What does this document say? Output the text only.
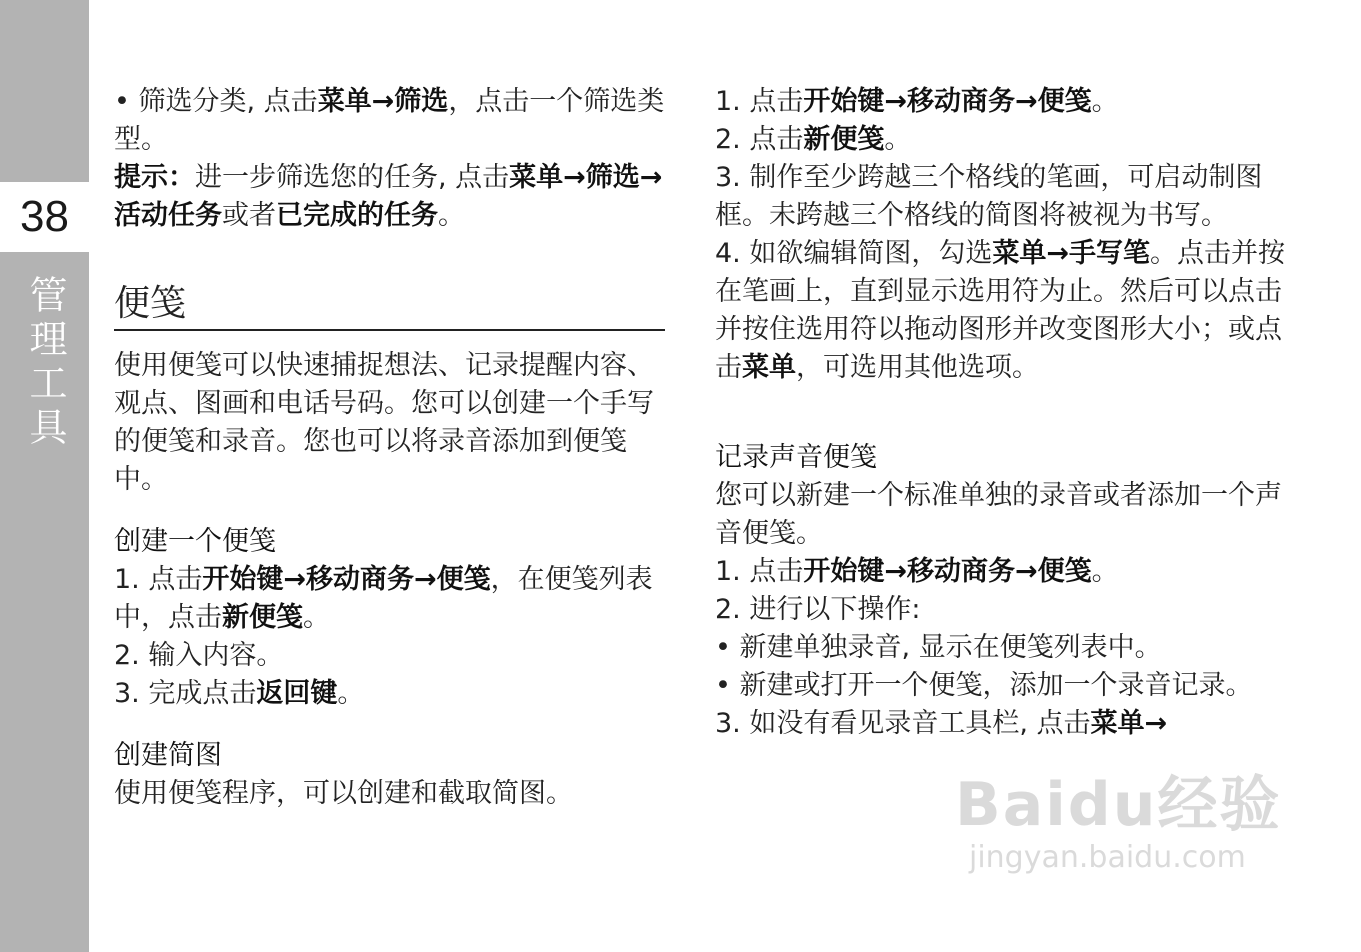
38
管理工具

• 筛选分类, 点击菜单→筛选，点击一个筛选类型。

提示：进一步筛选您的任务, 点击菜单→筛选→活动任务或者已完成的任务。

便笺

使用便笺可以快速捕捉想法、记录提醒内容、观点、图画和电话号码。您可以创建一个手写的便笺和录音。您也可以将录音添加到便笺中。

创建一个便笺

1. 点击开始键→移动商务→便笺，在便笺列表中，点击新便笺。

2. 输入内容。

3. 完成点击返回键。

创建简图

使用便笺程序，可以创建和截取简图。

1. 点击开始键→移动商务→便笺。

2. 点击新便笺。

3. 制作至少跨越三个格线的笔画，可启动制图框。未跨越三个格线的简图将被视为书写。

4. 如欲编辑简图，勾选菜单→手写笔。点击并按在笔画上，直到显示选用符为止。然后可以点击并按住选用符以拖动图形并改变图形大小；或点击菜单，可选用其他选项。

记录声音便笺

您可以新建一个标准单独的录音或者添加一个声音便笺。

1. 点击开始键→移动商务→便笺。

2. 进行以下操作:

• 新建单独录音, 显示在便笺列表中。

• 新建或打开一个便笺，添加一个录音记录。

3. 如没有看见录音工具栏, 点击菜单→

Baidu经验
jingyan.baidu.com
